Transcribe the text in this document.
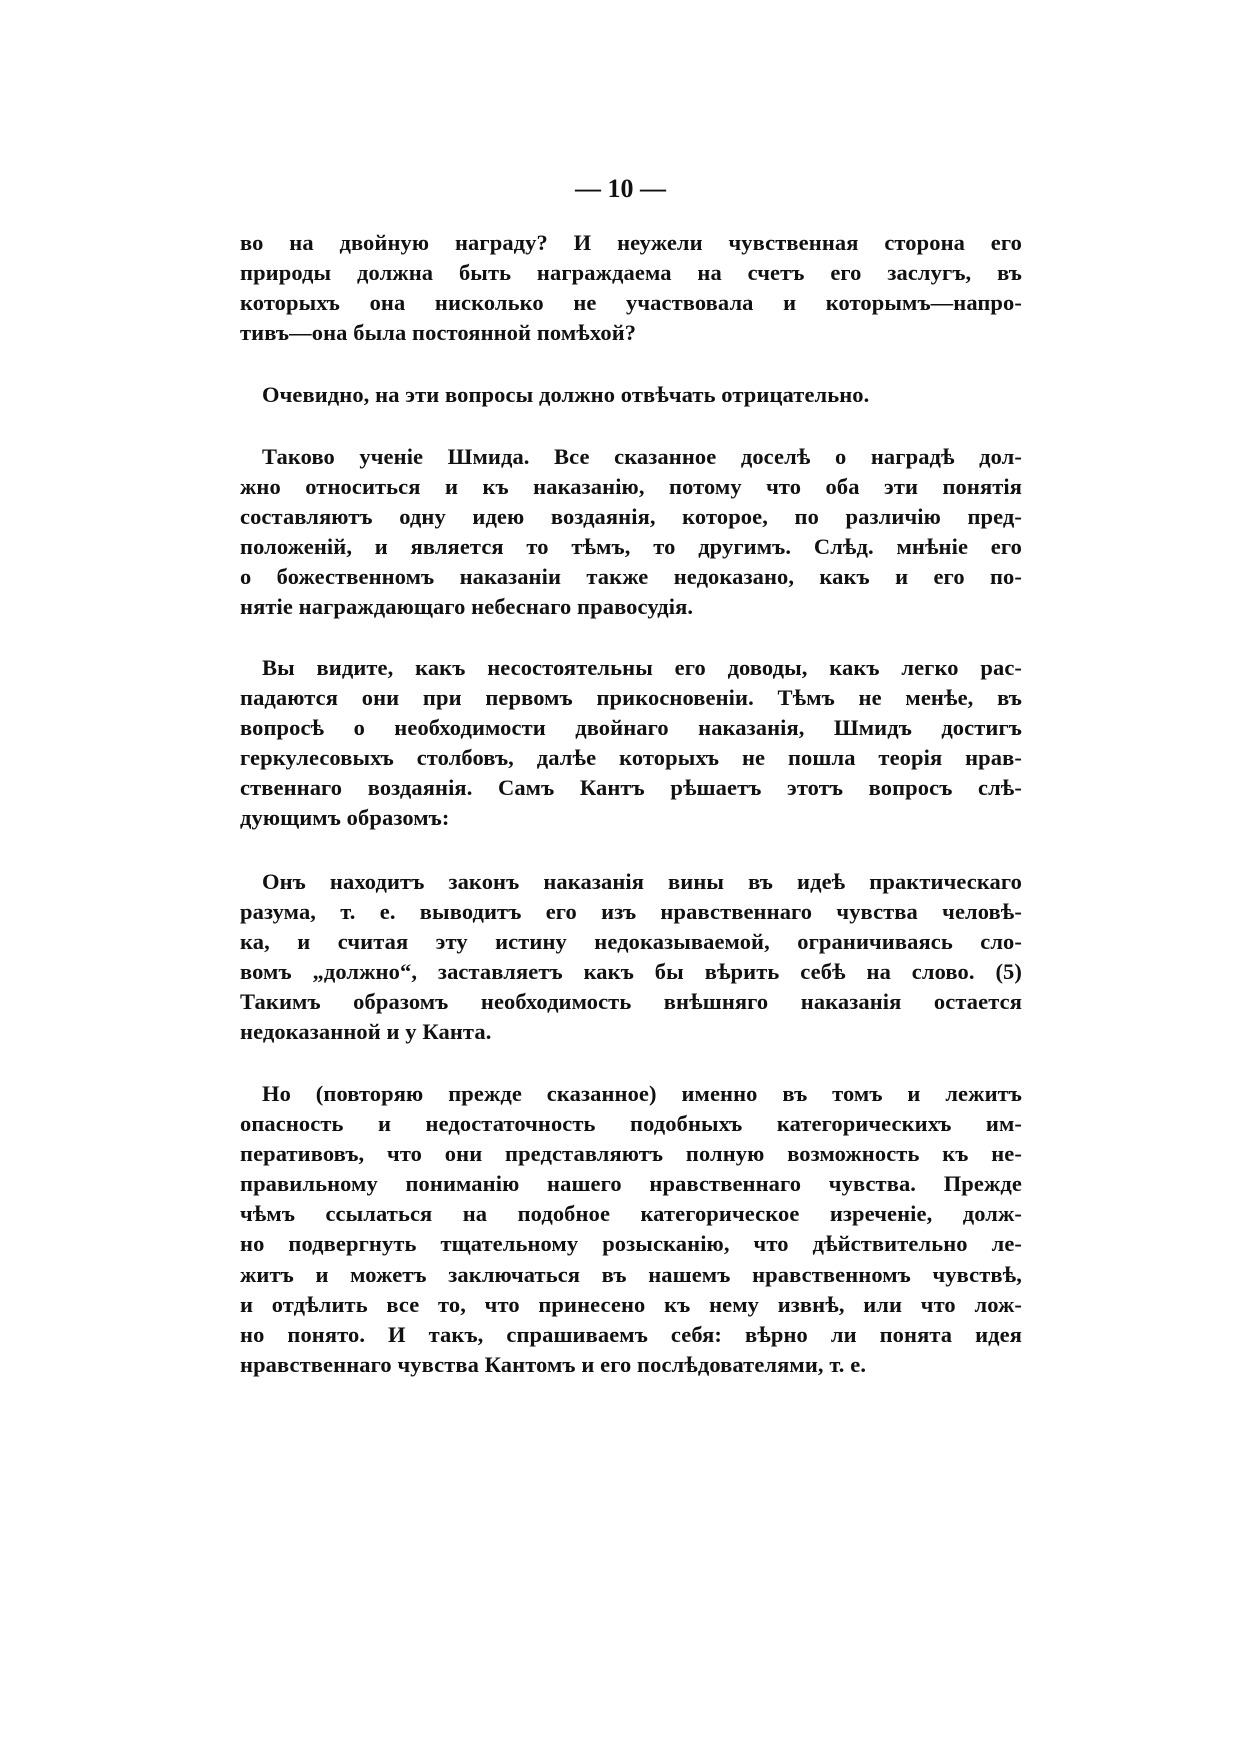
— 10 —
во на двойную награду? И неужели чувственная сторона его
природы должна быть награждаема на счетъ его заслугъ, въ
которыхъ она нисколько не участвовала и которымъ—напро-
тивъ—она была постоянной помѣхой?
Очевидно, на эти вопросы должно отвѣчать отрицательно.
Таково ученіе Шмида. Все сказанное доселѣ о наградѣ дол-
жно относиться и къ наказанію, потому что оба эти понятія
составляютъ одну идею воздаянія, которое, по различію пред-
положеній, и является то тѣмъ, то другимъ. Слѣд. мнѣніе его
о божественномъ наказаніи также недоказано, какъ и его по-
нятіе награждающаго небеснаго правосудія.
Вы видите, какъ несостоятельны его доводы, какъ легко рас-
падаются они при первомъ прикосновеніи. Тѣмъ не менѣе, въ
вопросѣ о необходимости двойнаго наказанія, Шмидъ достигъ
геркулесовыхъ столбовъ, далѣе которыхъ не пошла теорія нрав-
ственнаго воздаянія. Самъ Кантъ рѣшаетъ этотъ вопросъ слѣ-
дующимъ образомъ:
Онъ находитъ законъ наказанія вины въ идеѣ практическаго
разума, т. е. выводитъ его изъ нравственнаго чувства человѣ-
ка, и считая эту истину недоказываемой, ограничиваясь сло-
вомъ „должно“, заставляетъ какъ бы вѣрить себѣ на слово. (5)
Такимъ образомъ необходимость внѣшняго наказанія остается
недоказанной и у Канта.
Но (повторяю прежде сказанное) именно въ томъ и лежитъ
опасность и недостаточность подобныхъ категорическихъ им-
перативовъ, что они представляютъ полную возможность къ не-
правильному пониманію нашего нравственнаго чувства. Прежде
чѣмъ ссылаться на подобное категорическое изреченіе, долж-
но подвергнуть тщательному розысканію, что дѣйствительно ле-
житъ и можетъ заключаться въ нашемъ нравственномъ чувствѣ,
и отдѣлить все то, что принесено къ нему извнѣ, или что лож-
но понято. И такъ, спрашиваемъ себя: вѣрно ли понята идея
нравственнаго чувства Кантомъ и его послѣдователями, т. е.
